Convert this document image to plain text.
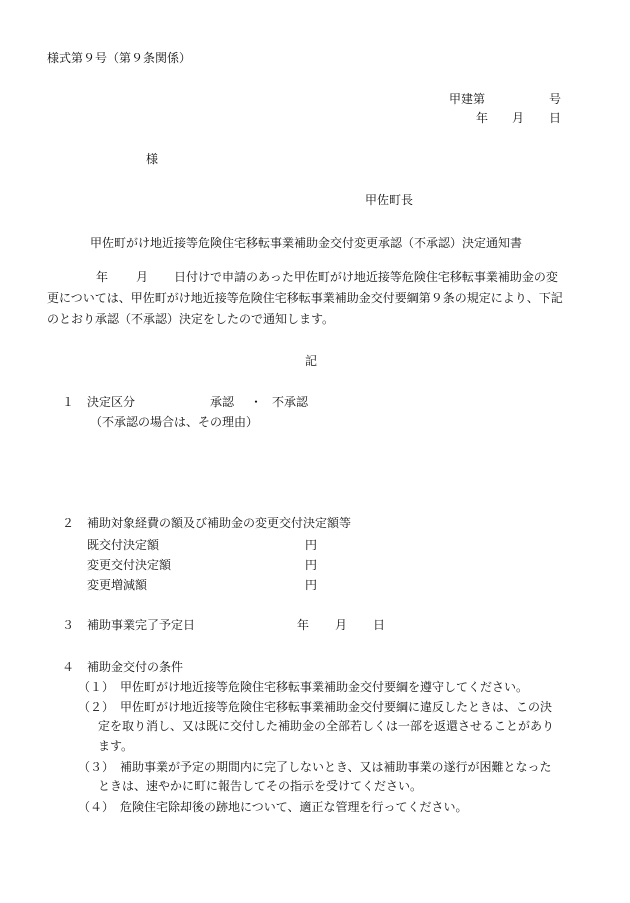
様式第９号（第９条関係）
甲建第	号
年 月 日
様
甲佐町長
甲佐町がけ地近接等危険住宅移転事業補助金交付変更承認（不承認）決定通知書
年 月 日付けで申請のあった甲佐町がけ地近接等危険住宅移転事業補助金の変
更については、甲佐町がけ地近接等危険住宅移転事業補助金交付要綱第９条の規定により、下記
のとおり承認（不承認）決定をしたので通知します。
記
１ 決定区分	承認 ・ 不承認
（不承認の場合は、その理由）
２ 補助対象経費の額及び補助金の変更交付決定額等
既交付決定額	円
変更交付決定額	円
変更増減額	円
３ 補助事業完了予定日	年 月 日
４ 補助金交付の条件
（１） 甲佐町がけ地近接等危険住宅移転事業補助金交付要綱を遵守してください。
（２） 甲佐町がけ地近接等危険住宅移転事業補助金交付要綱に違反したときは、この決
定を取り消し、又は既に交付した補助金の全部若しくは一部を返還させることがあり
ます。
（３） 補助事業が予定の期間内に完了しないとき、又は補助事業の遂行が困難となった
ときは、速やかに町に報告してその指示を受けてください。
（４） 危険住宅除却後の跡地について、適正な管理を行ってください。
